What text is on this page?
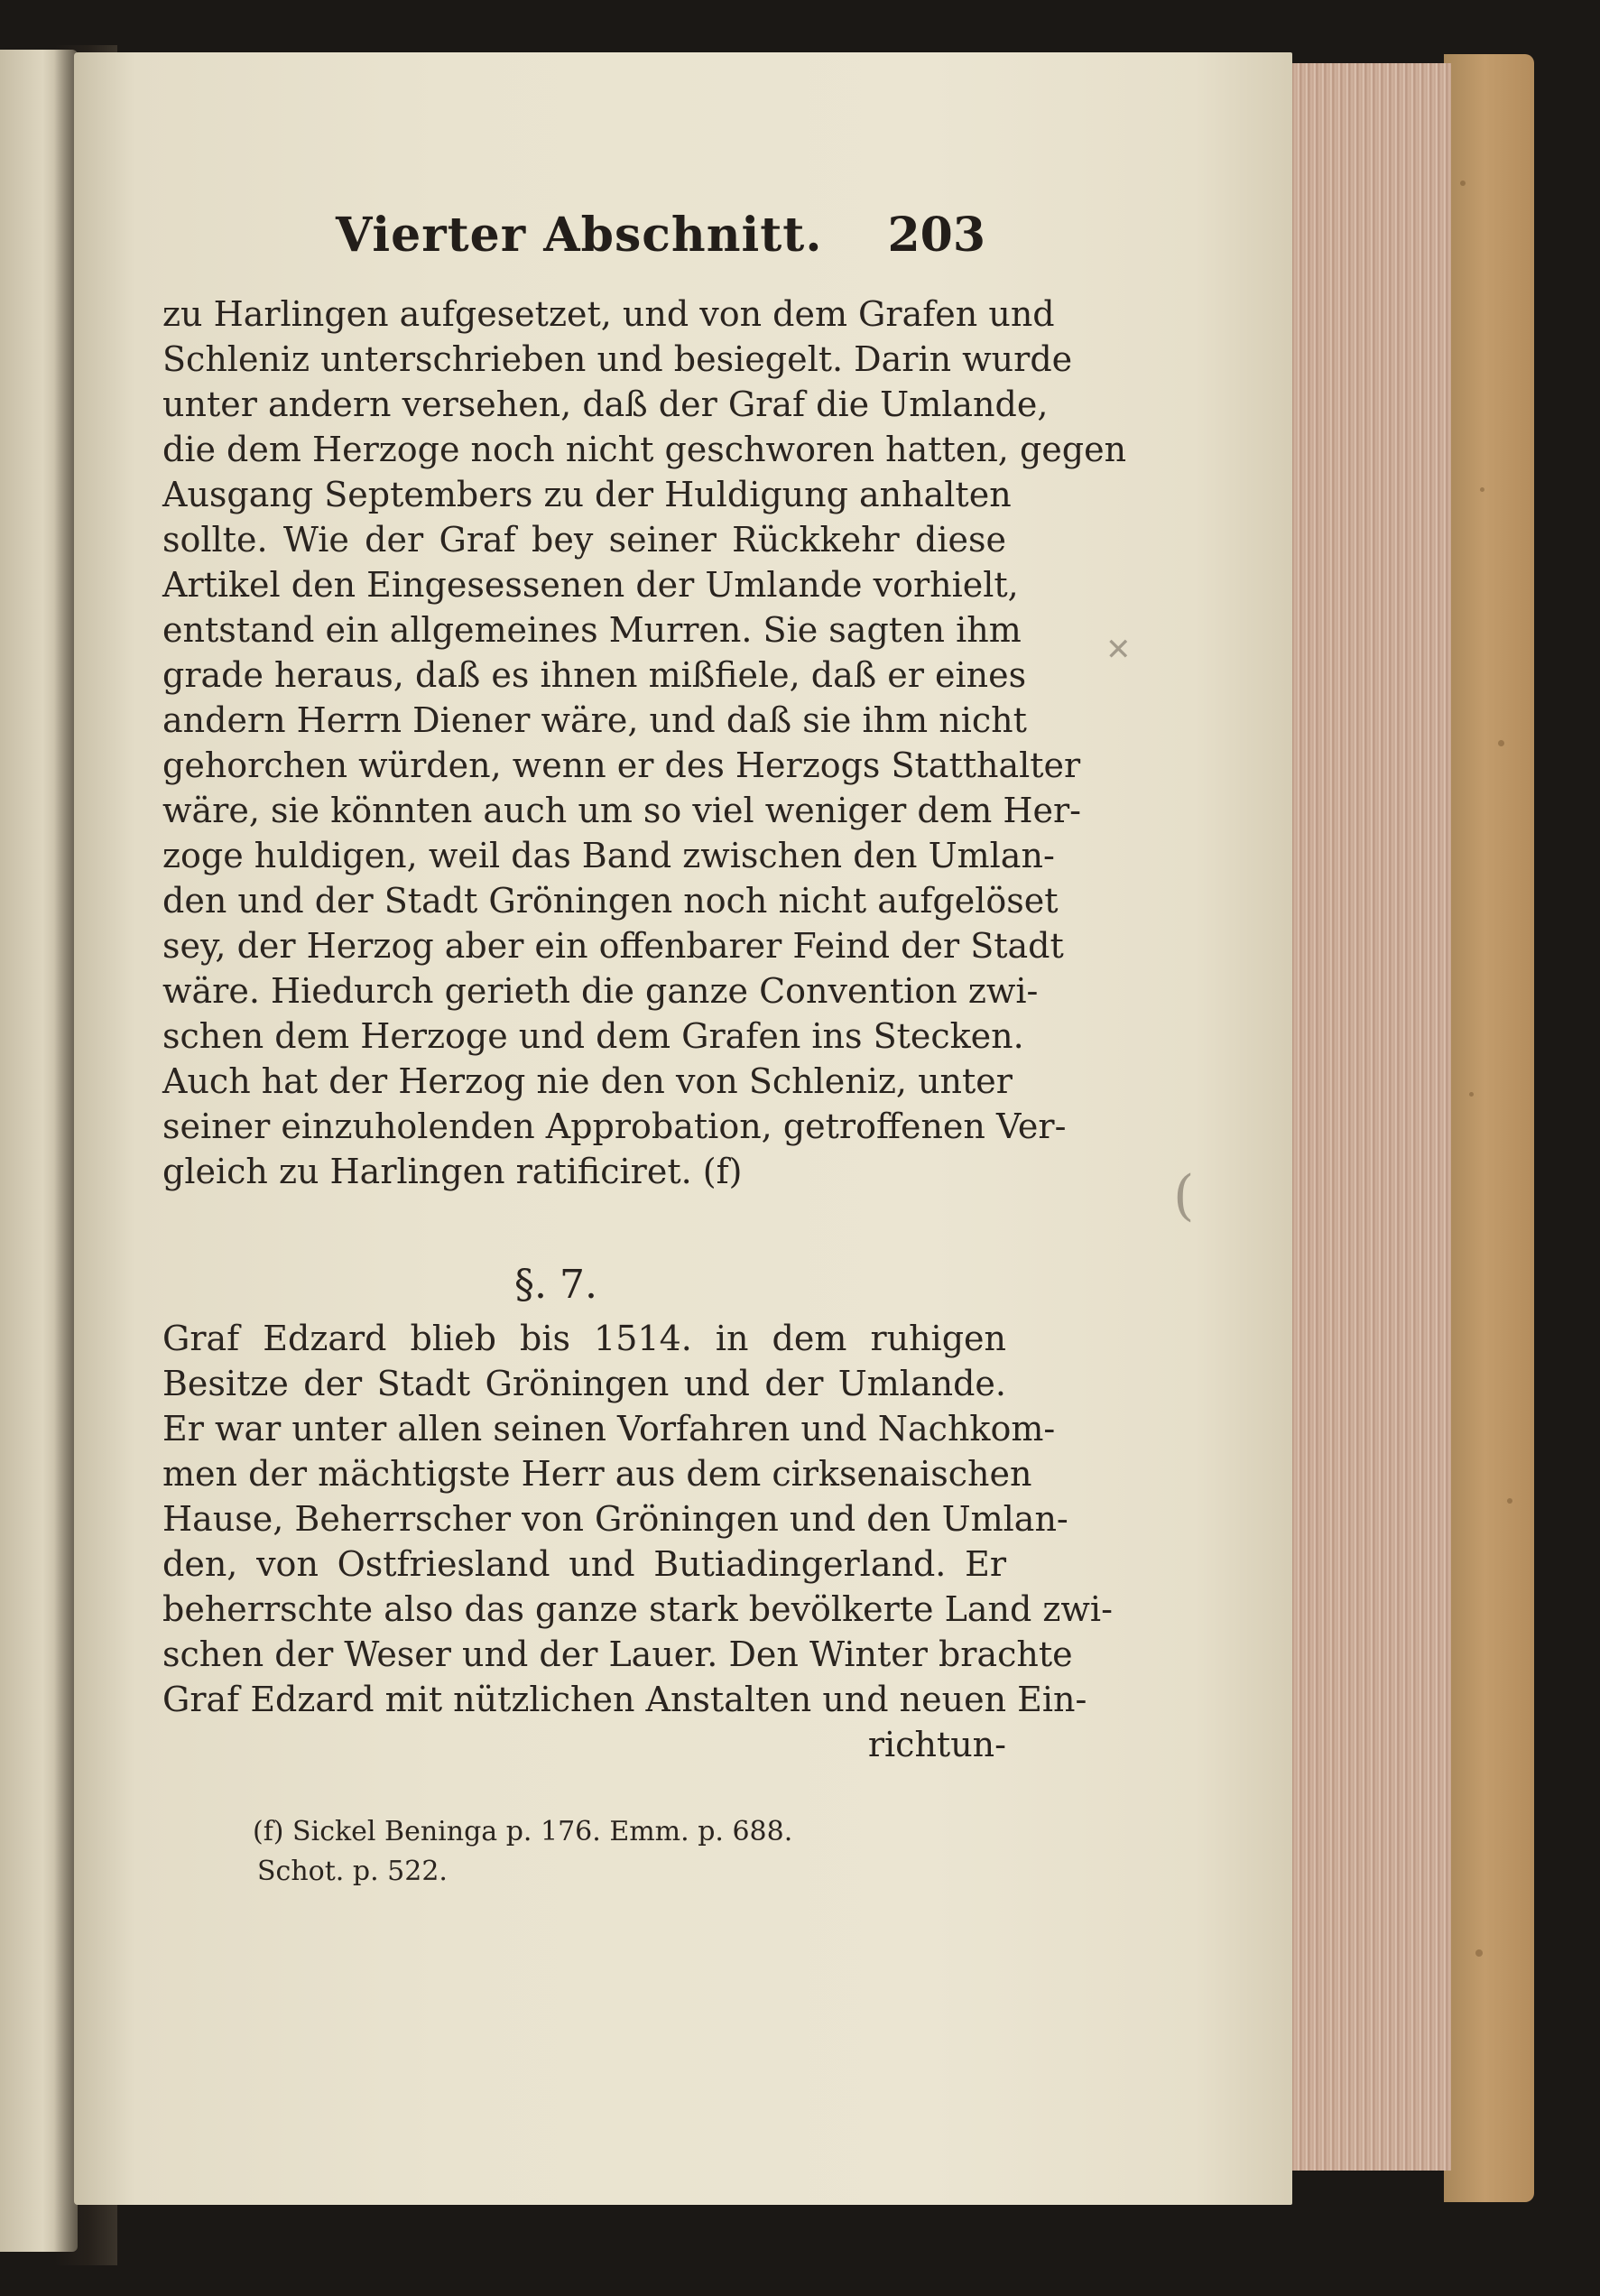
✕
(
Vierter Abschnitt. 203
zu Harlingen aufgesetzet, und von dem Grafen und
Schleniz unterschrieben und besiegelt. Darin wurde
unter andern versehen, daß der Graf die Umlande,
die dem Herzoge noch nicht geschworen hatten, gegen
Ausgang Septembers zu der Huldigung anhalten
sollte. Wie der Graf bey seiner Rückkehr diese
Artikel den Eingesessenen der Umlande vorhielt,
entstand ein allgemeines Murren. Sie sagten ihm
grade heraus, daß es ihnen mißfiele, daß er eines
andern Herrn Diener wäre, und daß sie ihm nicht
gehorchen würden, wenn er des Herzogs Statthalter
wäre, sie könnten auch um so viel weniger dem Her-
zoge huldigen, weil das Band zwischen den Umlan-
den und der Stadt Gröningen noch nicht aufgelöset
sey, der Herzog aber ein offenbarer Feind der Stadt
wäre. Hiedurch gerieth die ganze Convention zwi-
schen dem Herzoge und dem Grafen ins Stecken.
Auch hat der Herzog nie den von Schleniz, unter
seiner einzuholenden Approbation, getroffenen Ver-
gleich zu Harlingen ratificiret. (f)
§. 7.
Graf Edzard blieb bis 1514. in dem ruhigen
Besitze der Stadt Gröningen und der Umlande.
Er war unter allen seinen Vorfahren und Nachkom-
men der mächtigste Herr aus dem cirksenaischen
Hause, Beherrscher von Gröningen und den Umlan-
den, von Ostfriesland und Butiadingerland. Er
beherrschte also das ganze stark bevölkerte Land zwi-
schen der Weser und der Lauer. Den Winter brachte
Graf Edzard mit nützlichen Anstalten und neuen Ein-
richtun-
(f) Sickel Beninga p. 176. Emm. p. 688.
Schot. p. 522.
